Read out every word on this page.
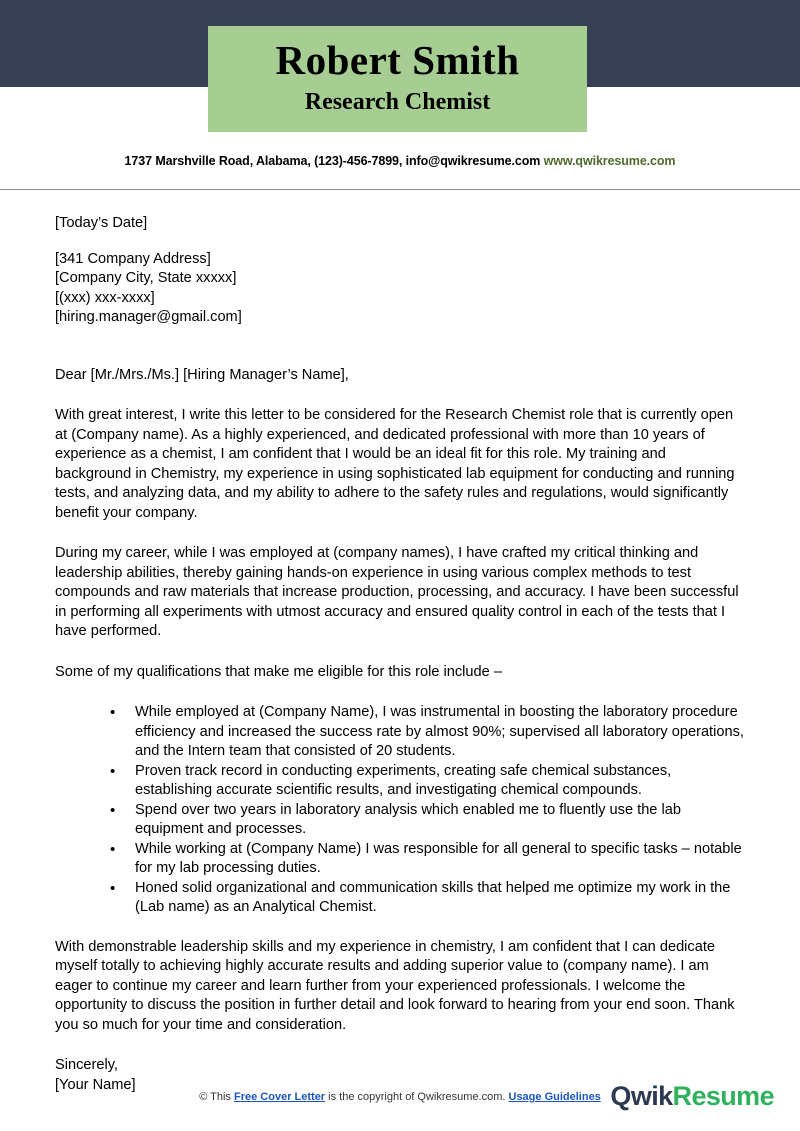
Robert Smith
Research Chemist
1737 Marshville Road, Alabama, (123)-456-7899, info@qwikresume.com www.qwikresume.com
[Today’s Date]
[341 Company Address]
[Company City, State xxxxx]
[(xxx) xxx-xxxx]
[hiring.manager@gmail.com]

Dear [Mr./Mrs./Ms.] [Hiring Manager’s Name],

With great interest, I write this letter to be considered for the Research Chemist role that is currently open at (Company name). As a highly experienced, and dedicated professional with more than 10 years of experience as a chemist, I am confident that I would be an ideal fit for this role. My training and background in Chemistry, my experience in using sophisticated lab equipment for conducting and running tests, and analyzing data, and my ability to adhere to the safety rules and regulations, would significantly benefit your company.

During my career, while I was employed at (company names), I have crafted my critical thinking and leadership abilities, thereby gaining hands-on experience in using various complex methods to test compounds and raw materials that increase production, processing, and accuracy. I have been successful in performing all experiments with utmost accuracy and ensured quality control in each of the tests that I have performed.

Some of my qualifications that make me eligible for this role include –

• While employed at (Company Name), I was instrumental in boosting the laboratory procedure efficiency and increased the success rate by almost 90%; supervised all laboratory operations, and the Intern team that consisted of 20 students.
• Proven track record in conducting experiments, creating safe chemical substances, establishing accurate scientific results, and investigating chemical compounds.
• Spend over two years in laboratory analysis which enabled me to fluently use the lab equipment and processes.
• While working at (Company Name) I was responsible for all general to specific tasks – notable for my lab processing duties.
• Honed solid organizational and communication skills that helped me optimize my work in the (Lab name) as an Analytical Chemist.

With demonstrable leadership skills and my experience in chemistry, I am confident that I can dedicate myself totally to achieving highly accurate results and adding superior value to (company name). I am eager to continue my career and learn further from your experienced professionals. I welcome the opportunity to discuss the position in further detail and look forward to hearing from your end soon. Thank you so much for your time and consideration.

Sincerely,
[Your Name]
© This Free Cover Letter is the copyright of Qwikresume.com. Usage Guidelines QwikResume
